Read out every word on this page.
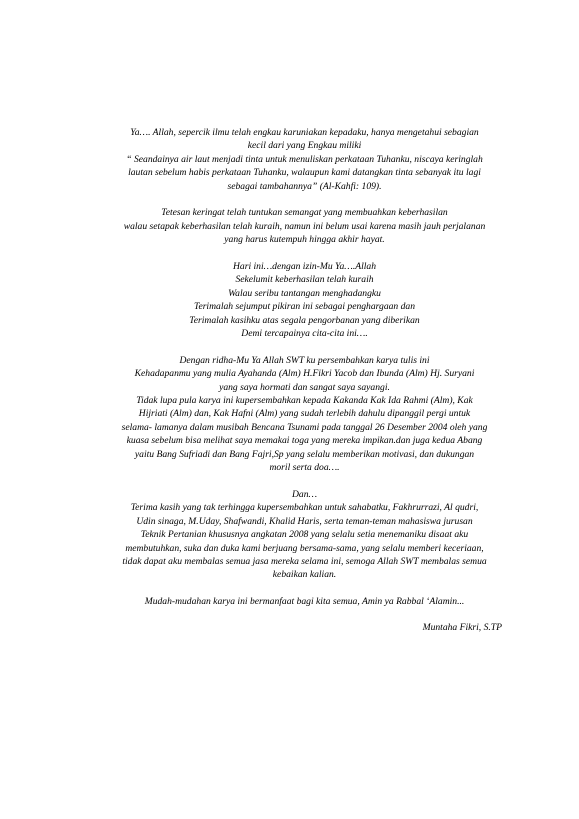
Ya…. Allah, sepercik ilmu telah engkau karuniakan kepadaku, hanya mengetahui sebagian
kecil dari yang Engkau miliki
“ Seandainya air laut menjadi tinta untuk menuliskan perkataan Tuhanku, niscaya keringlah
lautan sebelum habis perkataan Tuhanku, walaupun kami datangkan tinta sebanyak itu lagi
sebagai tambahannya” (Al-Kahfi: 109).
Tetesan keringat telah tuntukan semangat yang membuahkan keberhasilan
walau setapak keberhasilan telah kuraih, namun ini belum usai karena masih jauh perjalanan
yang harus kutempuh hingga akhir hayat.
Hari ini…dengan izin-Mu Ya….Allah
Sekelumit keberhasilan telah kuraih
Walau seribu tantangan menghadangku
Terimalah sejumput pikiran ini sebagai penghargaan dan
Terimalah kasihku atas segala pengorbanan yang diberikan
Demi tercapainya cita-cita ini….
Dengan ridha-Mu Ya Allah SWT ku persembahkan karya tulis ini
Kehadapanmu yang mulia Ayahanda (Alm) H.Fikri Yacob dan Ibunda (Alm) Hj. Suryani
yang saya hormati dan sangat saya sayangi.
Tidak lupa pula karya ini kupersembahkan kepada Kakanda Kak Ida Rahmi (Alm), Kak
Hijriati (Alm) dan, Kak Hafni (Alm) yang sudah terlebih dahulu dipanggil pergi untuk
selama- lamanya dalam musibah Bencana Tsunami pada tanggal 26 Desember 2004 oleh yang
kuasa sebelum bisa melihat saya memakai toga yang mereka impikan.dan juga kedua Abang
yaitu Bang Sufriadi dan Bang Fajri,Sp yang selalu memberikan motivasi, dan dukungan
moril serta doa….
Dan…
Terima kasih yang tak terhingga kupersembahkan untuk sahabatku, Fakhrurrazi, Al qudri,
Udin sinaga, M.Uday, Shafwandi, Khalid Haris, serta teman-teman mahasiswa jurusan
Teknik Pertanian khususnya angkatan 2008 yang selalu setia menemaniku disaat aku
membutuhkan, suka dan duka kami berjuang bersama-sama, yang selalu memberi keceriaan,
tidak dapat aku membalas semua jasa mereka selama ini, semoga Allah SWT membalas semua
kebaikan kalian.
Mudah-mudahan karya ini bermanfaat bagi kita semua, Amin ya Rabbal ‘Alamin...
Muntaha Fikri, S.TP
